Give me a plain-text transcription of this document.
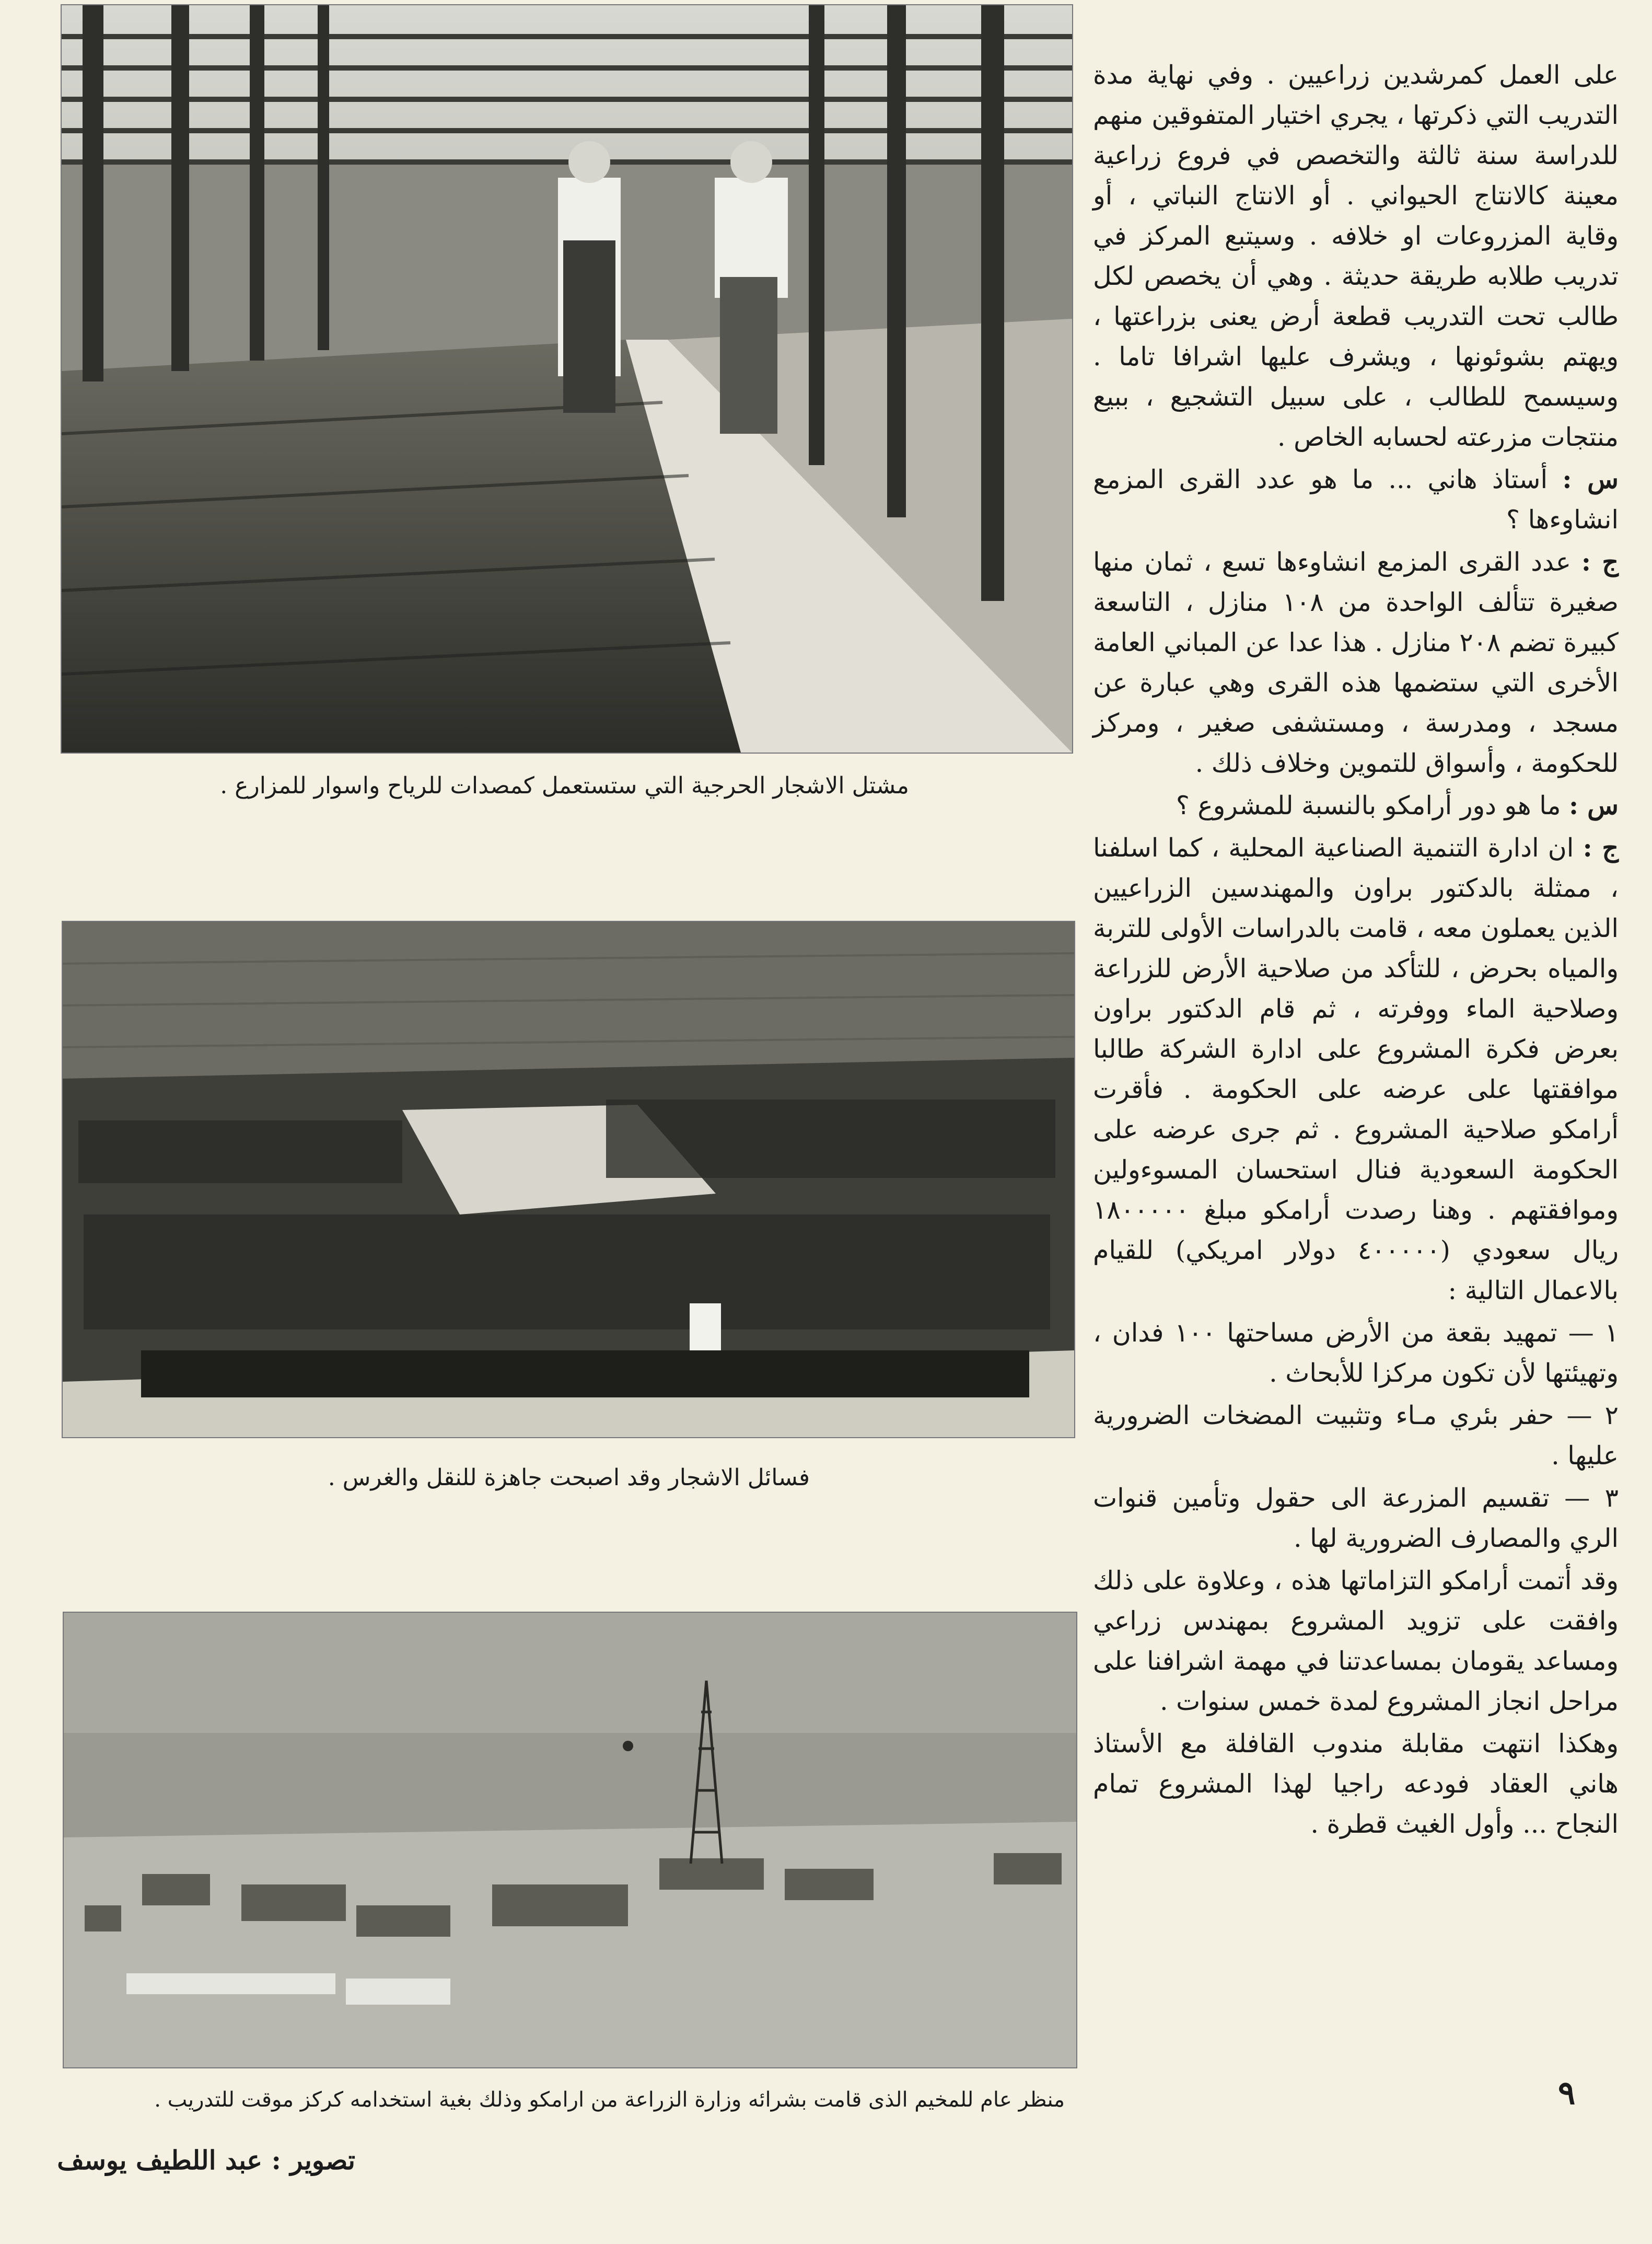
مشتل الاشجار الحرجية التي ستستعمل كمصدات للرياح واسوار للمزارع .
فسائل الاشجار وقد اصبحت جاهزة للنقل والغرس .
منظر عام للمخيم الذى قامت بشرائه وزارة الزراعة من ارامكو وذلك بغية استخدامه كركز موقت للتدريب .

على العمل كمرشدين زراعيين . وفي نهاية مدة التدريب التي ذكرتها ، يجري اختيار المتفوقين منهم للدراسة سنة ثالثة والتخصص في فروع زراعية معينة كالانتاج الحيواني . أو الانتاج النباتي ، أو وقاية المزروعات او خلافه . وسيتبع المركز في تدريب طلابه طريقة حديثة . وهي أن يخصص لكل طالب تحت التدريب قطعة أرض يعنى بزراعتها ، ويهتم بشوئونها ، ويشرف عليها اشرافا تاما . وسيسمح للطالب ، على سبيل التشجيع ، ببيع منتجات مزرعته لحسابه الخاص .

س : أستاذ هاني ... ما هو عدد القرى المزمع انشاوءها ؟

ج : عدد القرى المزمع انشاوءها تسع ، ثمان منها صغيرة تتألف الواحدة من ١٠٨ منازل ، التاسعة كبيرة تضم ٢٠٨ منازل . هذا عدا عن المباني العامة الأخرى التي ستضمها هذه القرى وهي عبارة عن مسجد ، ومدرسة ، ومستشفى صغير ، ومركز للحكومة ، وأسواق للتموين وخلاف ذلك .

س : ما هو دور أرامكو بالنسبة للمشروع ؟

ج : ان ادارة التنمية الصناعية المحلية ، كما اسلفنا ، ممثلة بالدكتور براون والمهندسين الزراعيين الذين يعملون معه ، قامت بالدراسات الأولى للتربة والمياه بحرض ، للتأكد من صلاحية الأرض للزراعة وصلاحية الماء ووفرته ، ثم قام الدكتور براون بعرض فكرة المشروع على ادارة الشركة طالبا موافقتها على عرضه على الحكومة . فأقرت أرامكو صلاحية المشروع . ثم جرى عرضه على الحكومة السعودية فنال استحسان المسوءولين وموافقتهم . وهنا رصدت أرامكو مبلغ ١٨٠٠٠٠٠ ريال سعودي (٤٠٠٠٠٠ دولار امريكي) للقيام بالاعمال التالية :

١ — تمهيد بقعة من الأرض مساحتها ١٠٠ فدان ، وتهيئتها لأن تكون مركزا للأبحاث .

٢ — حفر بئري مـاء وتثبيت المضخات الضرورية عليها .

٣ — تقسيم المزرعة الى حقول وتأمين قنوات الري والمصارف الضرورية لها .

وقد أتمت أرامكو التزاماتها هذه ، وعلاوة على ذلك وافقت على تزويد المشروع بمهندس زراعي ومساعد يقومان بمساعدتنا في مهمة اشرافنا على مراحل انجاز المشروع لمدة خمس سنوات .

وهكذا انتهت مقابلة مندوب القافلة مع الأستاذ هاني العقاد فودعه راجيا لهذا المشروع تمام النجاح ... وأول الغيث قطرة .

٩
تصوير : عبد اللطيف يوسف
